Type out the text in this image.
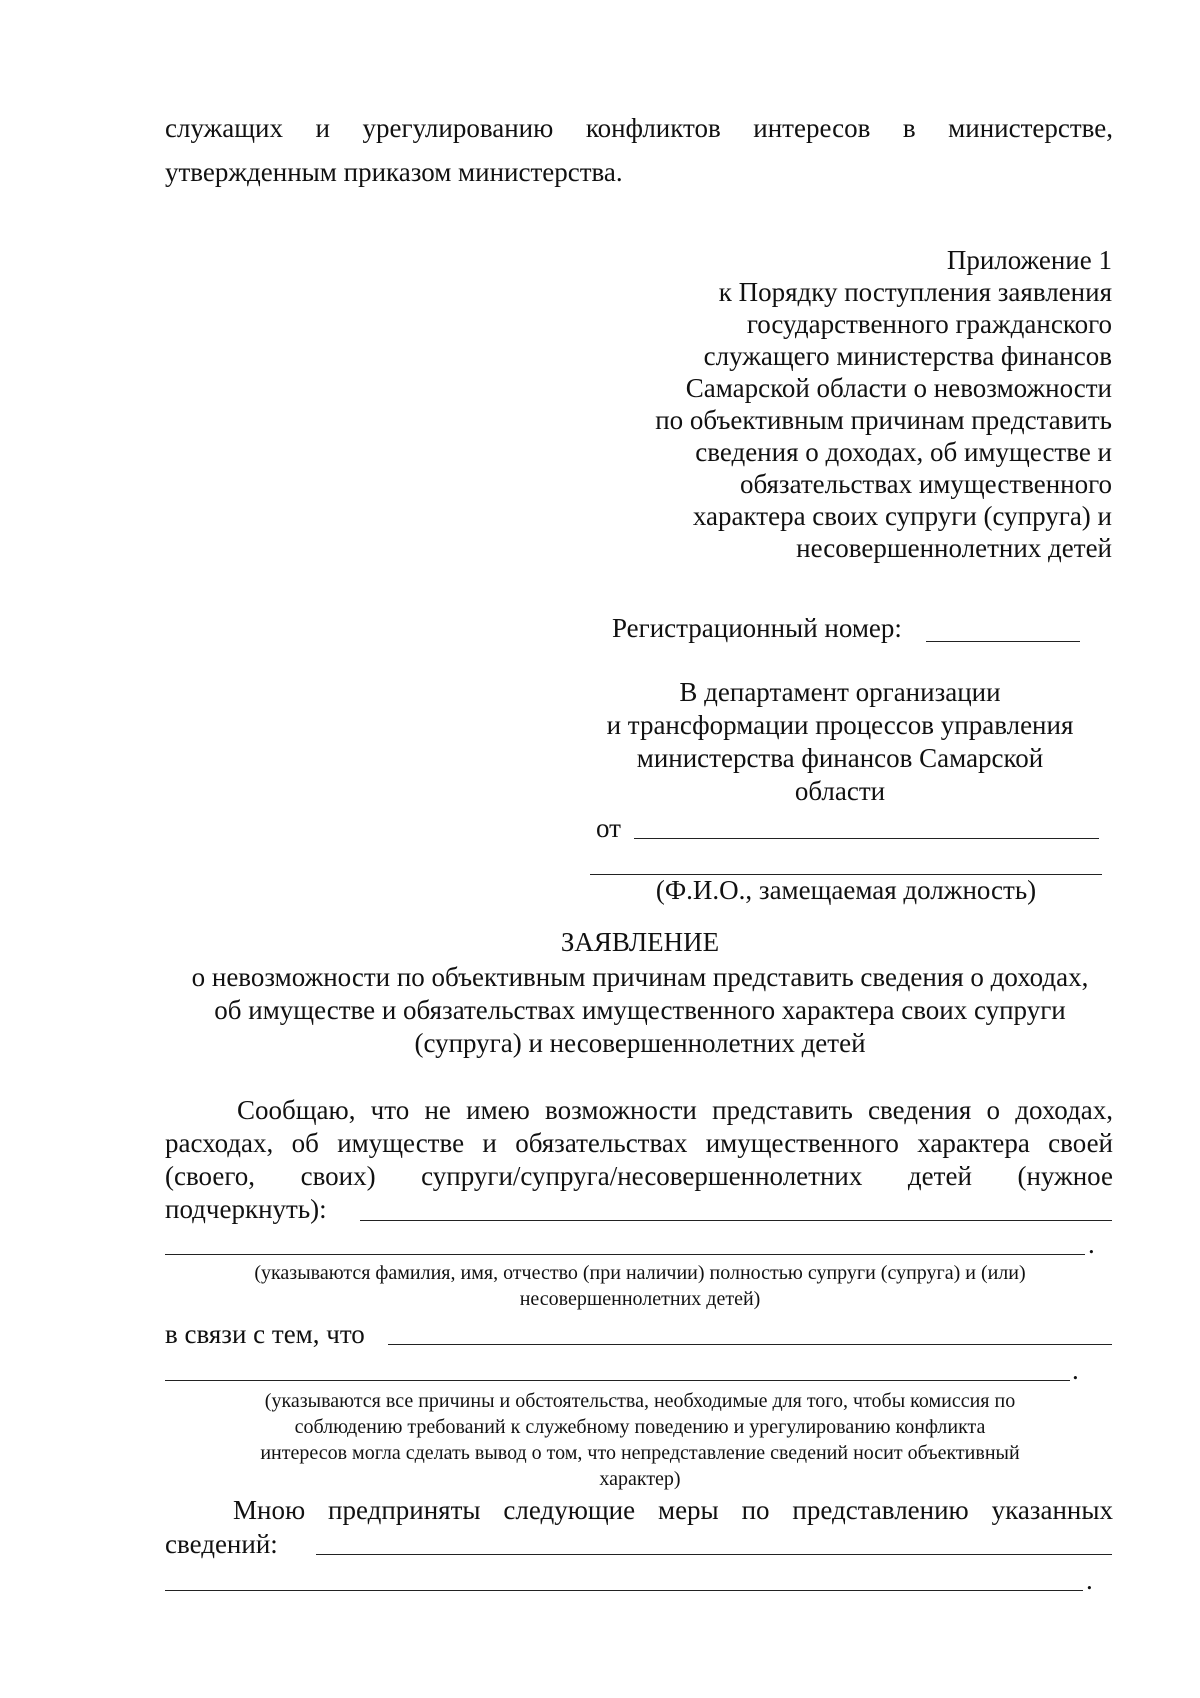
служащих и урегулированию конфликтов интересов в министерстве,
утвержденным приказом министерства.
Приложение 1
к Порядку поступления заявления
государственного гражданского
служащего министерства финансов
Самарской области о невозможности
по объективным причинам представить
сведения о доходах, об имуществе и
обязательствах имущественного
характера своих супруги (супруга) и
несовершеннолетних детей
Регистрационный номер:
В департамент организации
и трансформации процессов управления
министерства финансов Самарской
области
от
(Ф.И.О., замещаемая должность)
ЗАЯВЛЕНИЕ
о невозможности по объективным причинам представить сведения о доходах,
об имуществе и обязательствах имущественного характера своих супруги
(супруга) и несовершеннолетних детей
Сообщаю, что не имею возможности представить сведения о доходах,
расходах, об имуществе и обязательствах имущественного характера своей
(своего, своих) супруги/супруга/несовершеннолетних детей (нужное
подчеркнуть):
.
(указываются фамилия, имя, отчество (при наличии) полностью супруги (супруга) и (или)
несовершеннолетних детей)
в связи с тем, что
.
(указываются все причины и обстоятельства, необходимые для того, чтобы комиссия по
соблюдению требований к служебному поведению и урегулированию конфликта
интересов могла сделать вывод о том, что непредставление сведений носит объективный
характер)
Мною предприняты следующие меры по представлению указанных
сведений:
.
